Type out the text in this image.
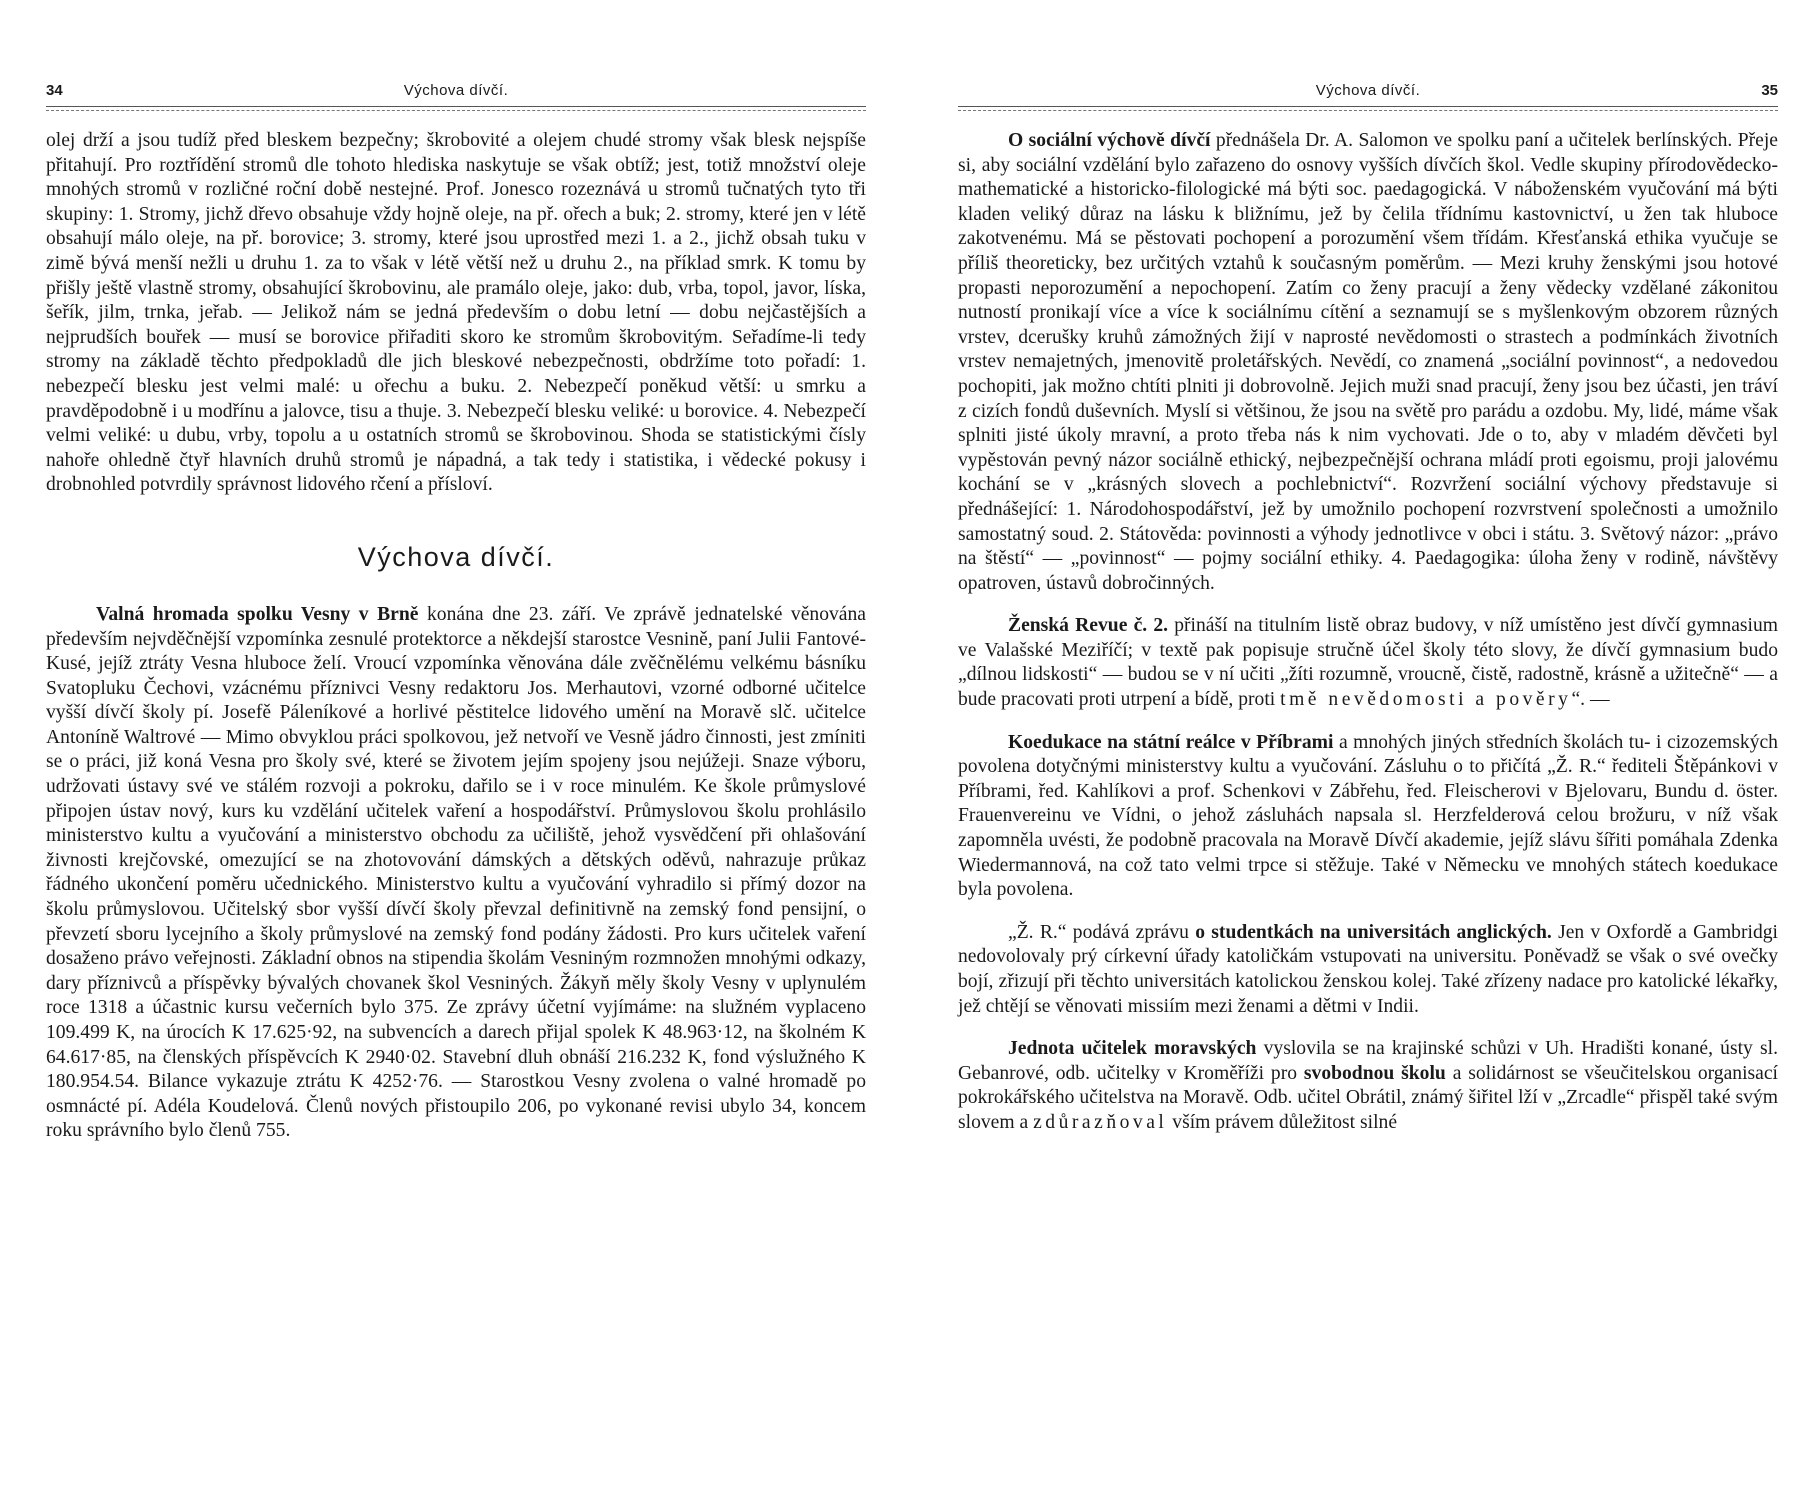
34	Výchova dívčí.

olej drží a jsou tudíž před bleskem bezpečny; škrobovité a olejem chudé stromy však blesk nejspíše přitahují. Pro roztřídění stromů dle tohoto hlediska naskytuje se však obtíž; jest, totiž množství oleje mnohých stromů v rozličné roční době nestejné. Prof. Jonesco rozeznává u stromů tučnatých tyto tři skupiny: 1. Stromy, jichž dřevo obsahuje vždy hojně oleje, na př. ořech a buk; 2. stromy, které jen v létě obsahují málo oleje, na př. borovice; 3. stromy, které jsou uprostřed mezi 1. a 2., jichž obsah tuku v zimě bývá menší nežli u druhu 1. za to však v létě větší než u druhu 2., na příklad smrk. K tomu by přišly ještě vlastně stromy, obsahující škrobovinu, ale pramálo oleje, jako: dub, vrba, topol, javor, líska, šeřík, jilm, trnka, jeřab. — Jelikož nám se jedná především o dobu letní — dobu nejčastějších a nejprudších bouřek — musí se borovice přiřaditi skoro ke stromům škrobovitým. Seřadíme-li tedy stromy na základě těchto předpokladů dle jich bleskové nebezpečnosti, obdržíme toto pořadí: 1. nebezpečí blesku jest velmi malé: u ořechu a buku. 2. Nebezpečí poněkud větší: u smrku a pravděpodobně i u modřínu a jalovce, tisu a thuje. 3. Nebezpečí blesku veliké: u borovice. 4. Nebezpečí velmi veliké: u dubu, vrby, topolu a u ostatních stromů se škrobovinou. Shoda se statistickými čísly nahoře ohledně čtyř hlavních druhů stromů je nápadná, a tak tedy i statistika, i vědecké pokusy i drobnohled potvrdily správnost lidového rčení a přísloví.

Výchova dívčí.

Valná hromada spolku Vesny v Brně konána dne 23. září. Ve zprávě jednatelské věnována především nejvděčnější vzpomínka zesnulé protektorce a někdejší starostce Vesnině, paní Julii Fantové-Kusé, jejíž ztráty Vesna hluboce želí. Vroucí vzpomínka věnována dále zvěčnělému velkému básníku Svatopluku Čechovi, vzácnému příznivci Vesny redaktoru Jos. Merhautovi, vzorné odborné učitelce vyšší dívčí školy pí. Josefě Páleníkové a horlivé pěstitelce lidového umění na Moravě slč. učitelce Antoníně Waltrové — Mimo obvyklou práci spolkovou, jež netvoří ve Vesně jádro činnosti, jest zmíniti se o práci, již koná Vesna pro školy své, které se životem jejím spojeny jsou nejúžeji. Snaze výboru, udržovati ústavy své ve stálém rozvoji a pokroku, dařilo se i v roce minulém. Ke škole průmyslové připojen ústav nový, kurs ku vzdělání učitelek vaření a hospodářství. Průmyslovou školu prohlásilo ministerstvo kultu a vyučování a ministerstvo obchodu za učiliště, jehož vysvědčení při ohlašování živnosti krejčovské, omezující se na zhotovování dámských a dětských oděvů, nahrazuje průkaz řádného ukončení poměru učednického. Ministerstvo kultu a vyučování vyhradilo si přímý dozor na školu průmyslovou. Učitelský sbor vyšší dívčí školy převzal definitivně na zemský fond pensijní, o převzetí sboru lycejního a školy průmyslové na zemský fond podány žádosti. Pro kurs učitelek vaření dosaženo právo veřejnosti. Základní obnos na stipendia školám Vesniným rozmnožen mnohými odkazy, dary příznivců a příspěvky bývalých chovanek škol Vesniných. Žákyň měly školy Vesny v uplynulém roce 1318 a účastnic kursu večerních bylo 375. Ze zprávy účetní vyjímáme: na služném vyplaceno 109.499 K, na úrocích K 17.625·92, na subvencích a darech přijal spolek K 48.963·12, na školném K 64.617·85, na členských příspěvcích K 2940·02. Stavební dluh obnáší 216.232 K, fond výslužného K 180.954.54. Bilance vykazuje ztrátu K 4252·76. — Starostkou Vesny zvolena o valné hromadě po osmnácté pí. Adéla Koudelová. Členů nových přistoupilo 206, po vykonané revisi ubylo 34, koncem roku správního bylo členů 755.

Výchova dívčí.	35

O sociální výchově dívčí přednášela Dr. A. Salomon ve spolku paní a učitelek berlínských. Přeje si, aby sociální vzdělání bylo zařazeno do osnovy vyšších dívčích škol. Vedle skupiny přírodovědecko-mathematické a historicko-filologické má býti soc. paedagogická. V náboženském vyučování má býti kladen veliký důraz na lásku k bližnímu, jež by čelila třídnímu kastovnictví, u žen tak hluboce zakotvenému. Má se pěstovati pochopení a porozumění všem třídám. Křesťanská ethika vyučuje se příliš theoreticky, bez určitých vztahů k současným poměrům. — Mezi kruhy ženskými jsou hotové propasti neporozumění a nepochopení. Zatím co ženy pracují a ženy vědecky vzdělané zákonitou nutností pronikají více a více k sociálnímu cítění a seznamují se s myšlenkovým obzorem různých vrstev, dcerušky kruhů zámožných žijí v naprosté nevědomosti o strastech a podmínkách životních vrstev nemajetných, jmenovitě proletářských. Nevědí, co znamená „sociální povinnost“, a nedovedou pochopiti, jak možno chtíti plniti ji dobrovolně. Jejich muži snad pracují, ženy jsou bez účasti, jen tráví z cizích fondů duševních. Myslí si většinou, že jsou na světě pro parádu a ozdobu. My, lidé, máme však splniti jisté úkoly mravní, a proto třeba nás k nim vychovati. Jde o to, aby v mladém děvčeti byl vypěstován pevný názor sociálně ethický, nejbezpečnější ochrana mládí proti egoismu, proji jalovému kochání se v „krásných slovech a pochlebnictví“. Rozvržení sociální výchovy představuje si přednášející: 1. Národohospodářství, jež by umožnilo pochopení rozvrstvení společnosti a umožnilo samostatný soud. 2. Státověda: povinnosti a výhody jednotlivce v obci i státu. 3. Světový názor: „právo na štěstí“ — „povinnost“ — pojmy sociální ethiky. 4. Paedagogika: úloha ženy v rodině, návštěvy opatroven, ústavů dobročinných.

Ženská Revue č. 2. přináší na titulním listě obraz budovy, v níž umístěno jest dívčí gymnasium ve Valašské Meziříčí; v textě pak popisuje stručně účel školy této slovy, že dívčí gymnasium budo „dílnou lidskosti“ — budou se v ní učiti „žíti rozumně, vroucně, čistě, radostně, krásně a užitečně“ — a bude pracovati proti utrpení a bídě, proti tmě nevědomosti a pověry“. —

Koedukace na státní reálce v Příbrami a mnohých jiných středních školách tu- i cizozemských povolena dotyčnými ministerstvy kultu a vyučování. Zásluhu o to přičítá „Ž. R.“ řediteli Štěpánkovi v Příbrami, řed. Kahlíkovi a prof. Schenkovi v Zábřehu, řed. Fleischerovi v Bjelovaru, Bundu d. öster. Frauenvereinu ve Vídni, o jehož zásluhách napsala sl. Herzfelderová celou brožuru, v níž však zapomněla uvésti, že podobně pracovala na Moravě Dívčí akademie, jejíž slávu šířiti pomáhala Zdenka Wiedermannová, na což tato velmi trpce si stěžuje. Také v Německu ve mnohých státech koedukace byla povolena.

„Ž. R.“ podává zprávu o studentkách na universitách anglických. Jen v Oxfordě a Gambridgi nedovolovaly prý církevní úřady katoličkám vstupovati na universitu. Poněvadž se však o své ovečky bojí, zřizují při těchto universitách katolickou ženskou kolej. Také zřízeny nadace pro katolické lékařky, jež chtějí se věnovati missiím mezi ženami a dětmi v Indii.

Jednota učitelek moravských vyslovila se na krajinské schůzi v Uh. Hradišti konané, ústy sl. Gebanrové, odb. učitelky v Kroměříži pro svobodnou školu a solidárnost se všeučitelskou organisací pokrokářského učitelstva na Moravě. Odb. učitel Obrátil, známý šiřitel lží v „Zrcadle“ přispěl také svým slovem a zdůrazňoval vším právem důležitost silné
